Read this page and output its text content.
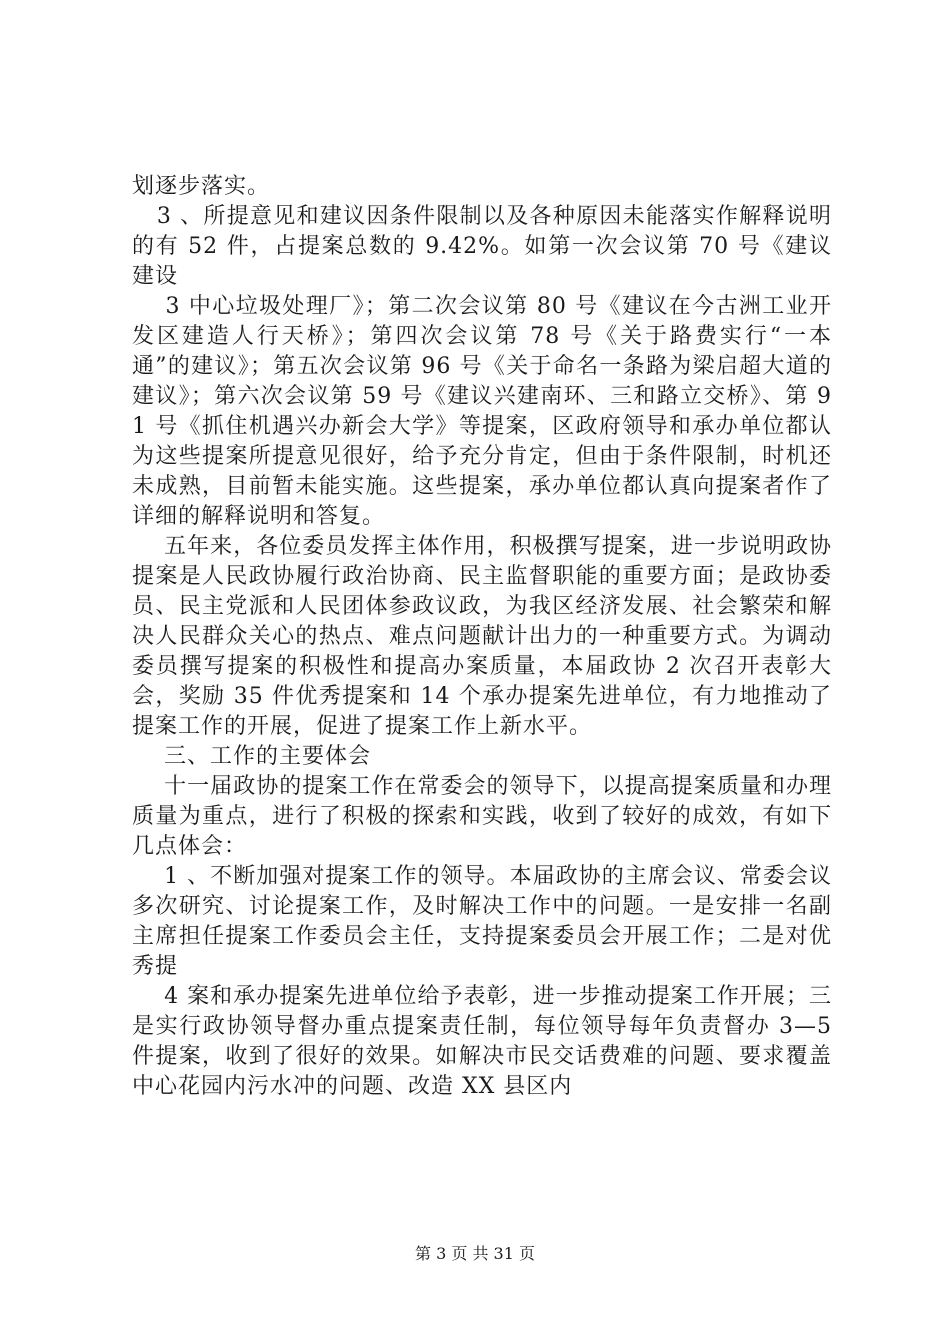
划逐步落实。

3 、所提意见和建议因条件限制以及各种原因未能落实作解释说明的有 52 件，占提案总数的 9.42%。如第一次会议第 70 号《建议建设

3 中心垃圾处理厂》；第二次会议第 80 号《建议在今古洲工业开发区建造人行天桥》；第四次会议第 78 号《关于路费实行“一本通”的建议》；第五次会议第 96 号《关于命名一条路为梁启超大道的建议》；第六次会议第 59 号《建议兴建南环、三和路立交桥》、第 91 号《抓住机遇兴办新会大学》等提案，区政府领导和承办单位都认为这些提案所提意见很好，给予充分肯定，但由于条件限制，时机还未成熟，目前暂未能实施。这些提案，承办单位都认真向提案者作了详细的解释说明和答复。

五年来，各位委员发挥主体作用，积极撰写提案，进一步说明政协提案是人民政协履行政治协商、民主监督职能的重要方面；是政协委员、民主党派和人民团体参政议政，为我区经济发展、社会繁荣和解决人民群众关心的热点、难点问题献计出力的一种重要方式。为调动委员撰写提案的积极性和提高办案质量，本届政协 2 次召开表彰大会，奖励 35 件优秀提案和 14 个承办提案先进单位，有力地推动了提案工作的开展，促进了提案工作上新水平。

三、工作的主要体会

十一届政协的提案工作在常委会的领导下，以提高提案质量和办理质量为重点，进行了积极的探索和实践，收到了较好的成效，有如下几点体会：

1 、不断加强对提案工作的领导。本届政协的主席会议、常委会议多次研究、讨论提案工作，及时解决工作中的问题。一是安排一名副主席担任提案工作委员会主任，支持提案委员会开展工作；二是对优秀提

4 案和承办提案先进单位给予表彰，进一步推动提案工作开展；三是实行政协领导督办重点提案责任制，每位领导每年负责督办 3—5 件提案，收到了很好的效果。如解决市民交话费难的问题、要求覆盖中心花园内污水冲的问题、改造 XX 县区内

第 3 页 共 31 页
